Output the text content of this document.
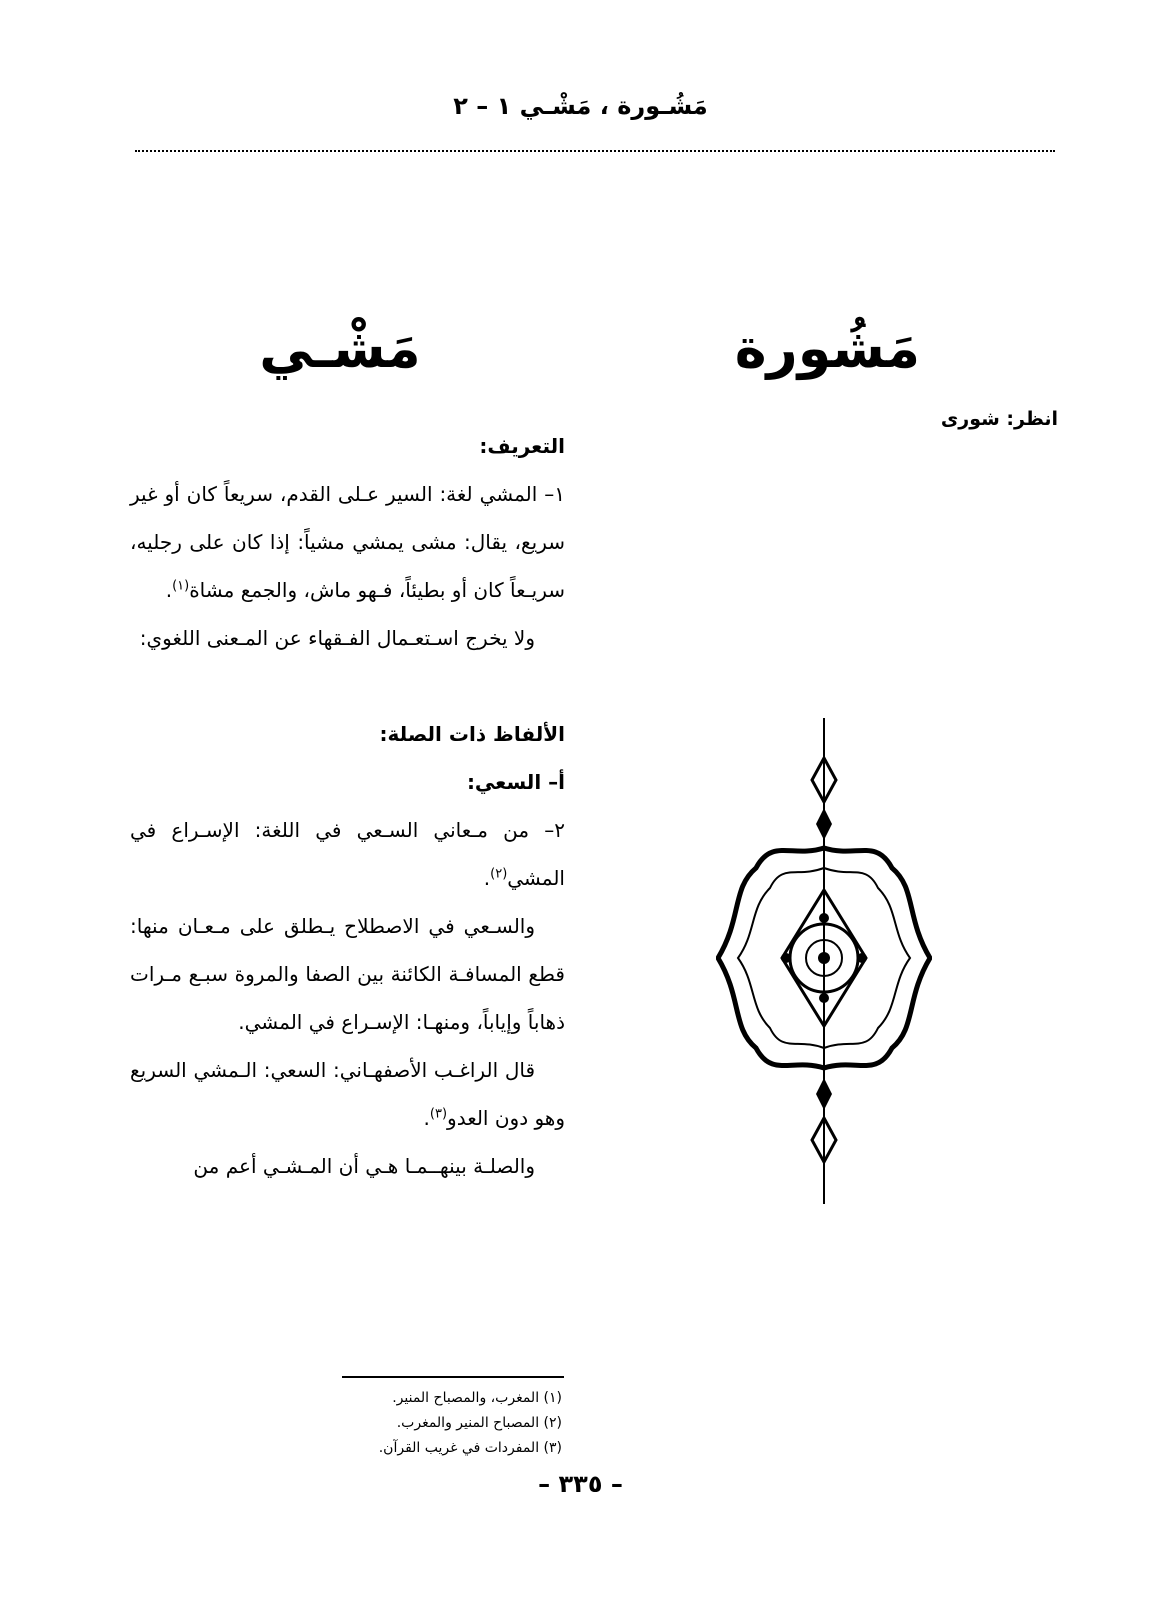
مَشُـورة ، مَشْـي ١ – ٢
مَشُورة
مَشْـي
انظر: شورى

التعريف:

١– المشي لغة: السير عـلى القدم، سريعاً كان أو غير سريع، يقال: مشى يمشي مشياً: إذا كان على رجليه، سريـعاً كان أو بطيئاً، فـهو ماش، والجمع مشاة$^{(١)}$.

ولا يخرج اسـتعـمال الفـقهاء عن المـعنى اللغوي:

الألفاظ ذات الصلة:

أ– السعي:

٢– من مـعاني السـعي في اللغة: الإسـراع في المشي$^{(٢)}$.

والسـعي في الاصطلاح يـطلق على مـعـان منها: قطع المسافـة الكائنة بين الصفا والمروة سبـع مـرات ذهاباً وإياباً، ومنهـا: الإسـراع في المشي.

قال الراغـب الأصفهـاني: السعي: الـمشي السريع وهو دون العدو$^{(٣)}$.

والصلـة بينهــمـا هـي أن المـشـي أعم من

(١) المغرب، والمصباح المنير.

(٢) المصباح المنير والمغرب.

(٣) المفردات في غريب القرآن.

– ٣٣٥ –
